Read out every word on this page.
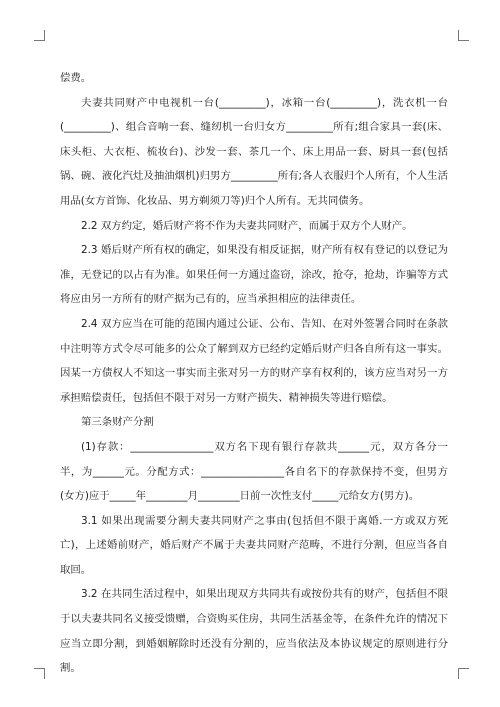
偿费。

夫妻共同财产中电视机一台(_________)，冰箱一台(_________)，洗衣机一台(_________)、组合音响一套、缝纫机一台归女方_________所有;组合家具一套(床、床头柜、大衣柜、梳妆台)、沙发一套、茶几一个、床上用品一套、厨具一套(包括锅、碗、液化汽灶及抽油烟机)归男方_________所有;各人衣服归个人所有，个人生活用品(女方首饰、化妆品、男方剃须刀等)归个人所有。无共同债务。

2.2 双方约定，婚后财产将不作为夫妻共同财产，而属于双方个人财产。

2.3 婚后财产所有权的确定，如果没有相反证据，财产所有权有登记的以登记为准，无登记的以占有为准。如果任何一方通过盗窃，涂改，抢夺，抢劫，诈骗等方式将应由另一方所有的财产据为己有的，应当承担相应的法律责任。

2.4 双方应当在可能的范围内通过公证、公布、告知、在对外签署合同时在条款中注明等方式令尽可能多的公众了解到双方已经约定婚后财产归各自所有这一事实。因某一方债权人不知这一事实而主张对另一方的财产享有权利的，该方应当对另一方承担赔偿责任，包括但不限于对另一方财产损失、精神损失等进行赔偿。

第三条财产分割

(1)存款：________________双方名下现有银行存款共______元，双方各分一半，为______元。分配方式：________________各自名下的存款保持不变，但男方(女方)应于_____年________月________日前一次性支付_____元给女方(男方)。

3.1 如果出现需要分割夫妻共同财产之事由(包括但不限于离婚.一方或双方死亡)，上述婚前财产，婚后财产不属于夫妻共同财产范畴，不进行分割，但应当各自取回。

3.2 在共同生活过程中，如果出现双方共同共有或按份共有的财产，包括但不限于以夫妻共同名义接受馈赠，合资购买住房，共同生活基金等，在条件允许的情况下应当立即分割，到婚姻解除时还没有分割的，应当依法及本协议规定的原则进行分割。
